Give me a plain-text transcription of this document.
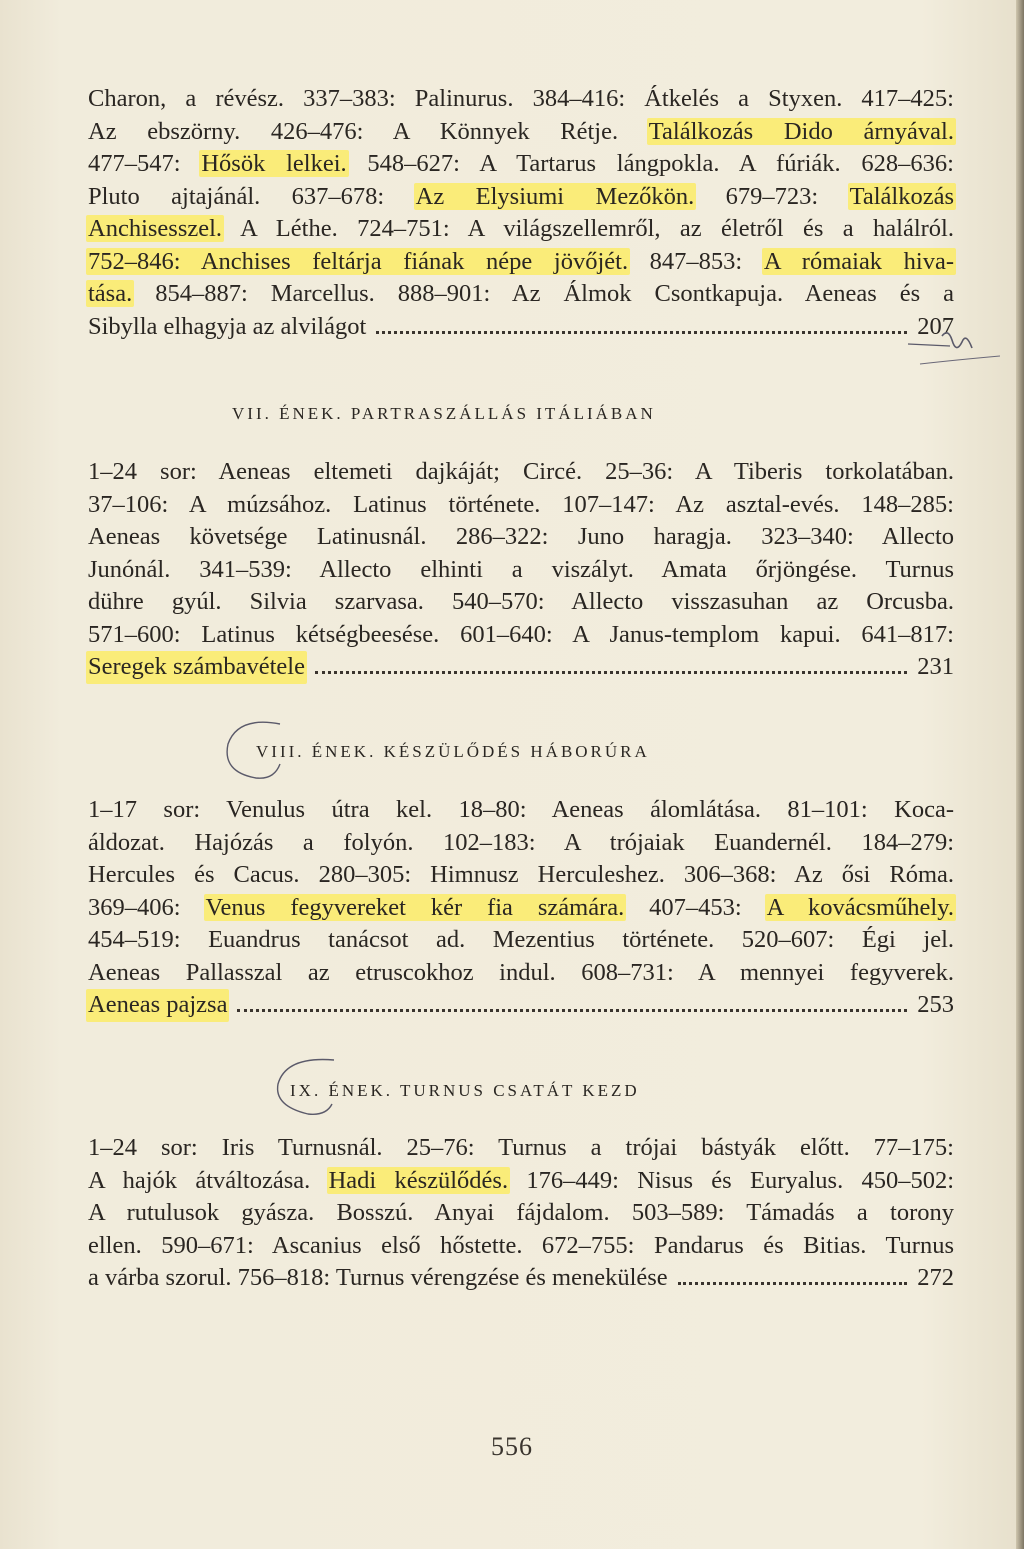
Charon, a révész. 337–383: Palinurus. 384–416: Átkelés a Styxen. 417–425:
Az ebszörny. 426–476: A Könnyek Rétje. Találkozás Dido árnyával.
477–547: Hősök lelkei. 548–627: A Tartarus lángpokla. A fúriák. 628–636:
Pluto ajtajánál. 637–678: Az Elysiumi Mezőkön. 679–723: Találkozás
Anchisesszel. A Léthe. 724–751: A világszellemről, az életről és a halálról.
752–846: Anchises feltárja fiának népe jövőjét. 847–853: A rómaiak hiva-
tása. 854–887: Marcellus. 888–901: Az Álmok Csontkapuja. Aeneas és a
Sibylla elhagyja az alvilágot	207
VII. ÉNEK. PARTRASZÁLLÁS ITÁLIÁBAN
1–24 sor: Aeneas eltemeti dajkáját; Circé. 25–36: A Tiberis torkolatában.
37–106: A múzsához. Latinus története. 107–147: Az asztal-evés. 148–285:
Aeneas követsége Latinusnál. 286–322: Juno haragja. 323–340: Allecto
Junónál. 341–539: Allecto elhinti a viszályt. Amata őrjöngése. Turnus
dühre gyúl. Silvia szarvasa. 540–570: Allecto visszasuhan az Orcusba.
571–600: Latinus kétségbeesése. 601–640: A Janus-templom kapui. 641–817:
Seregek számbavétele	231
VIII. ÉNEK. KÉSZÜLŐDÉS HÁBORÚRA
1–17 sor: Venulus útra kel. 18–80: Aeneas álomlátása. 81–101: Koca-
áldozat. Hajózás a folyón. 102–183: A trójaiak Euandernél. 184–279:
Hercules és Cacus. 280–305: Himnusz Herculeshez. 306–368: Az ősi Róma.
369–406: Venus fegyvereket kér fia számára. 407–453: A kovácsműhely.
454–519: Euandrus tanácsot ad. Mezentius története. 520–607: Égi jel.
Aeneas Pallasszal az etruscokhoz indul. 608–731: A mennyei fegyverek.
Aeneas pajzsa	253
IX. ÉNEK. TURNUS CSATÁT KEZD
1–24 sor: Iris Turnusnál. 25–76: Turnus a trójai bástyák előtt. 77–175:
A hajók átváltozása. Hadi készülődés. 176–449: Nisus és Euryalus. 450–502:
A rutulusok gyásza. Bosszú. Anyai fájdalom. 503–589: Támadás a torony
ellen. 590–671: Ascanius első hőstette. 672–755: Pandarus és Bitias. Turnus
a várba szorul. 756–818: Turnus vérengzése és menekülése	272
556
